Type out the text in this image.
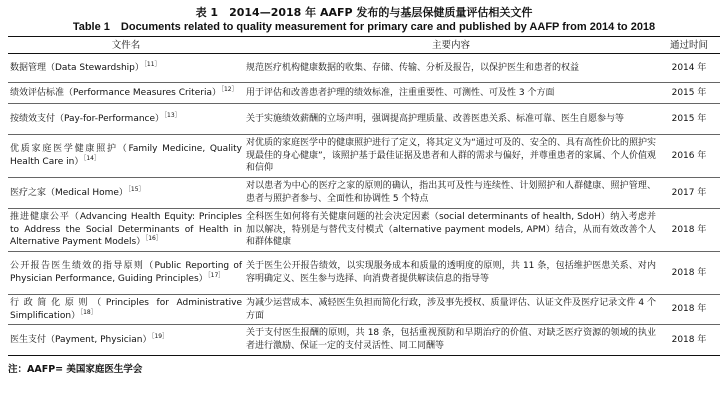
表 1　2014—2018 年 AAFP 发布的与基层保健质量评估相关文件
Table 1　Documents related to quality measurement for primary care and published by AAFP from 2014 to 2018
文件名	主要内容	通过时间
数据管理（Data Stewardship）$^{[11]}$	规范医疗机构健康数据的收集、存储、传输、分析及报告，以保护医生和患者的权益	2014 年
绩效评估标准（Performance Measures Criteria）$^{[12]}$	用于评估和改善患者护理的绩效标准，注重重要性、可测性、可及性 3 个方面	2015 年
按绩效支付（Pay-for-Performance）$^{[13]}$	关于实施绩效薪酬的立场声明，强调提高护理质量、改善医患关系、标准可靠、医生自愿参与等	2015 年
优质家庭医学健康照护（Family Medicine, Quality Health Care in）$^{[14]}$	对优质的家庭医学中的健康照护进行了定义，将其定义为“通过可及的、安全的、具有高性价比的照护实现最佳的身心健康”，该照护基于最佳证据及患者和人群的需求与偏好，并尊重患者的家属、个人价值观和信仰	2016 年
医疗之家（Medical Home）$^{[15]}$	对以患者为中心的医疗之家的原则的确认，指出其可及性与连续性、计划照护和人群健康、照护管理、患者与照护者参与、全面性和协调性 5 个特点	2017 年
推进健康公平（Advancing Health Equity: Principles to Address the Social Determinants of Health in Alternative Payment Models）$^{[16]}$	全科医生如何将有关健康问题的社会决定因素（social determinants of health, SdoH）纳入考虑并加以解决，特别是与替代支付模式（alternative payment models, APM）结合，从而有效改善个人和群体健康	2018 年
公开报告医生绩效的指导原则（Public Reporting of Physician Performance, Guiding Principles）$^{[17]}$	关于医生公开报告绩效，以实现服务成本和质量的透明度的原则，共 11 条，包括维护医患关系、对内容明确定义、医生参与选择、向消费者提供解读信息的指导等	2018 年
行政简化原则（Principles for Administrative Simplification）$^{[18]}$	为减少运营成本、减轻医生负担而简化行政，涉及事先授权、质量评估、认证文件及医疗记录文件 4 个方面	2018 年
医生支付（Payment, Physician）$^{[19]}$	关于支付医生报酬的原则，共 18 条，包括重视预防和早期治疗的价值、对缺乏医疗资源的领域的执业者进行激励、保证一定的支付灵活性、同工同酬等	2018 年
注：AAFP= 美国家庭医生学会
